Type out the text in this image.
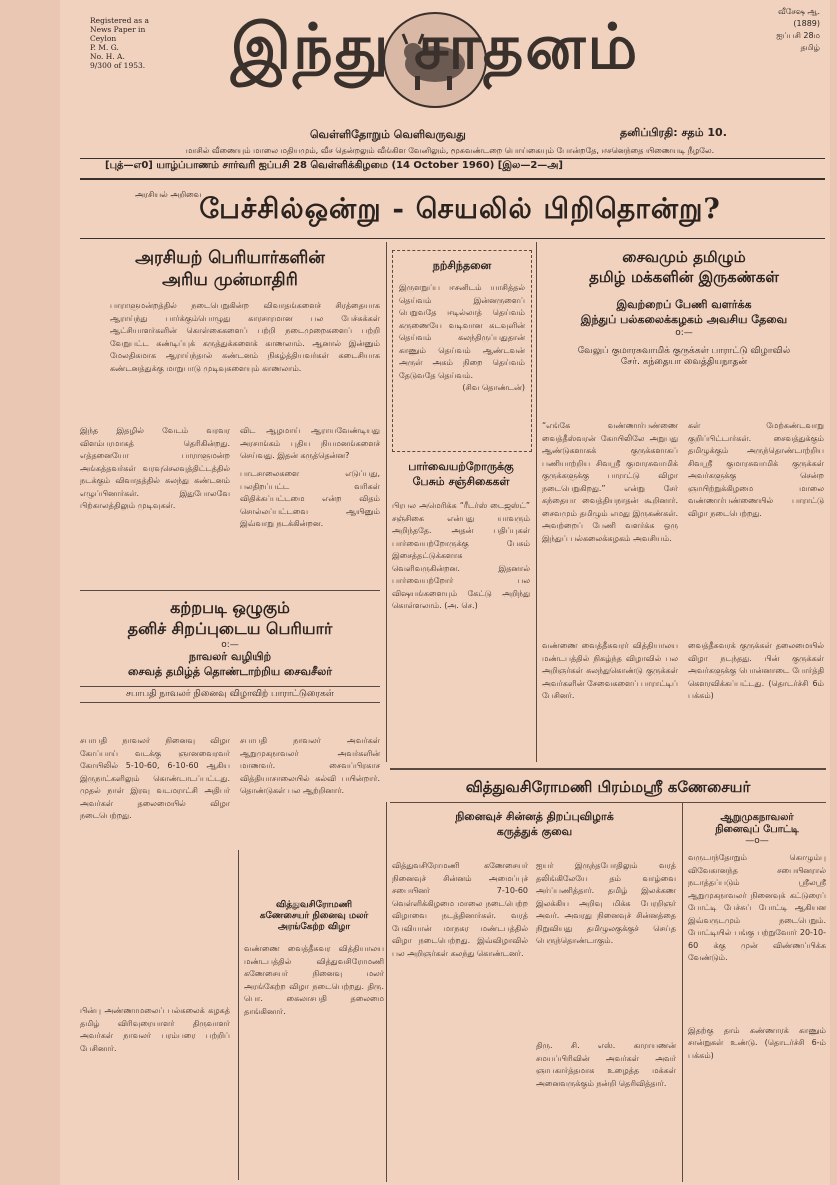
Registered as a
News Paper in
Ceylon
P. M. G.
No. H. A.
9/300 of 1953.	இந்து சாதனம்	வீசேஷ ஆ.
(1889)
ஐப்பசி 28ம
தமிழ்
வெள்ளிதோறும் வெளிவருவது	தனிப்பிரதி: சதம் 10.
மாசில் வீணையும் மாலை மதியமும், வீச தென்றலும் வீங்கிள வேனிலும், மூசுவண்டறை பொய்கையும் போன்றதே, ஈசனெந்தை யிணையடி நீழலே.
[புத்—எ0] யாழ்ப்பாணம் சார்வரி ஐப்பசி 28 வெள்ளிக்கிழமை (14 October 1960) [இல—2—அ]
அரசியல் அறிவை
பேச்சில்ஒன்று - செயலில் பிறிதொன்று?
அரசியற் பெரியார்களின்
அரிய முன்மாதிரி
பாராளுமன்றத்தில் நடைபெறுகின்ற விவாதங்களைச் சிரத்தையாக ஆராய்ந்து பார்க்கும்பொழுது காரசாரமான பல பேச்சுக்கள் ஆட்சியாளர்களின் கொள்கைகளைப் பற்றி நடைமுறைகளைப் பற்றி வேறுபட்ட கண்டிப்புக் கருத்துக்களைக் காணலாம். ஆனால் இன்னும் மேலதிகமாக ஆராய்ந்தால் கண்டனம் நிகழ்த்தியவர்கள் கடைசியாக கண்டனத்துக்கு மாறுபாடு முடிவுகளையும் காணலாம்.
இந்த இதழில் வேடம் வரவர விளம்பரமாகத் தெரிகின்றது. எத்தனையோ பாராளுமன்ற அங்கத்தவர்கள் வரவுசெலவுத்திட்டத்தில் நடக்கும் விவாதத்தில் கலந்து கண்டனம் எழுப்பினார்கள். இதுபோலவே பிற்காலத்திலும் முடிவுகள்.
விட ஆழமாய் ஆராயவேண்டியது அரசாங்கம் புதிய நியமனங்களைச் செய்வது. இதன் கருத்தென்ன?
பாடசாலைகளை எடுப்பது, பலதிறப்பட்ட வரிகள் விதிக்கப்பட்டமை என்ற விதம் சொல்லப்பட்டவை ஆயினும் இவ்வாறு நடக்கின்றன.
கற்றபடி ஒழுகும்
தனிச் சிறப்புடைய பெரியார்
o:—
நாவலர் வழியிற்
சைவத் தமிழ்த் தொண்டாற்றிய சைவசீலர்
சபாபதி நாவலர் நினைவு விழாவிற் பாராட்டுரைகள்
சபாபதி நாவலர் நினைவு விழா கோப்பாய் வடக்கு ஞானவைரவர் கோயிலில் 5-10-60, 6-10-60 ஆகிய இருநாட்களிலும் கொண்டாடப்பட்டது. முதல் நாள் இரவு வடமராட்சி அதிபர் அவர்கள் தலைமையில் விழா நடைபெற்றது.
சபாபதி நாவலர் அவர்கள் ஆறுமுகநாவலர் அவர்களின் மாணவர். சைவப்பிரகாச வித்தியாசாலையில் கல்வி பயின்றார். தொண்டுகள் பல ஆற்றினார்.
பின்பு அண்ணாமலைப் பல்கலைக் கழகத் தமிழ் விரிவுரையாளர் திருவாளர் அவர்கள் நாவலர் பரம்பரை பற்றிப் பேசினார்.
நற்சிந்தனை
இருளறுப்ப ஈசனிடம் யாசித்தல் தெய்வம் இன்னருளைப் பெறுவதே ஈடில்லாத் தெய்வம் கருணையே வடிவான கடவுளின் தெய்வம் கலந்திருப்பதுதான் காணும் தெய்வம் ஆண்டவன் அருள் அகம் நிறை தெய்வம் தேடுவதே தெய்வம்.
(சிவ தொண்டன்)
பார்வையற்றோருக்கு
பேசும் சஞ்சிகைகள்
பிரபல அமெரிக்க “ரீடர்ஸ் டைஜஸ்ட்” சஞ்சிகை என்பது யாவரும் அறிந்ததே. அதன் பதிப்புகள் பார்வையற்றோருக்கு பேசும் இசைத்தட்டுக்களாக வெளிவருகின்றன. இதனால் பார்வையற்றோர் பல விஷயங்களையும் கேட்டு அறிந்து கொள்ளலாம். (அ. செ.)
சைவமும் தமிழும்
தமிழ் மக்களின் இருகண்கள்
இவற்றைப் பேணி வளர்க்க
இந்துப் பல்கலைக்கழகம் அவசிய தேவை
o:—
வேலுப் குமாரசுவாமிக் குருக்கள் பாராட்டு விழாவில்
சேர். கந்தையா வைத்தியநாதன்
“எங்கே வண்ணார்பண்ணை வைத்தீஸ்வரன் கோயிலிலே அறுபது ஆண்டுகளாகக் குருக்களாகப் பணியாற்றிய சிவஸ்ரீ குமாரசுவாமிக் குருக்களுக்கு பாராட்டு விழா நடைபெறுகிறது.” என்று சேர் கந்தையா வைத்தியநாதன் கூறினார். சைவமும் தமிழும் எமது இருகண்கள். அவற்றைப் பேணி வளர்க்க ஒரு இந்துப் பல்கலைக்கழகம் அவசியம்.
கள் மேற்கண்டவாறு குறிப்பிட்டார்கள். சைவத்துக்கும் தமிழுக்கும் அருந்தொண்டாற்றிய சிவஸ்ரீ குமாரசுவாமிக் குருக்கள் அவர்களுக்கு சென்ற ஞாயிற்றுக்கிழமை மாலை வண்ணார்பண்ணையில் பாராட்டு விழா நடைபெற்றது.
வண்ணை வைத்தீசுவரர் வித்தியாலய மண்டபத்தில் நிகழ்ந்த விழாவில் பல அறிஞர்கள் கலந்துகொண்டு குருக்கள் அவர்களின் சேவைகளைப் பாராட்டிப் பேசினர்.
வைத்தீசுவரக் குருக்கள் தலைமையில் விழா நடந்தது. பின் குருக்கள் அவர்களுக்கு பொன்னாடை போர்த்தி கௌரவிக்கப்பட்டது. (தொடர்ச்சி 6ம் பக்கம்)
வித்துவசிரோமணி பிரம்மஸ்ரீ கணேசையர்
நினைவுச் சின்னத் திறப்புவிழாக்
கருத்துக் குவை
வித்துவசிரோமணி
கணேசையர் நினைவு மலர்
அரங்கேற்ற விழா
வண்ணை வைத்தீசுவர வித்தியாலய மண்டபத்தில் வித்துவசிரோமணி கணேசையர் நினைவு மலர் அரங்கேற்ற விழா நடைபெற்றது. திரு. பொ. கைலாசபதி தலைமை தாங்கினார்.
வித்துவசிரோமணி கணேசையர் நினைவுச் சின்னம் அமைப்புச் சபையினர் 7-10-60 வெள்ளிக்கிழமை மாலை நடைபெற்ற விழாவை நடத்தினார்கள். வரத் பேவியான் மாநகர மண்டபத்தில் விழா நடைபெற்றது. இவ்விழாவில் பல அறிஞர்கள் கலந்து கொண்டனர்.
ஐயர் இருந்தபோதிலும் வரத் தலிங்கிலேயே தம் வாழ்வை அர்ப்பணித்தார். தமிழ் இலக்கண இலக்கிய அறிவு மிக்க பேரறிஞர் அவர். அவரது நினைவுச் சின்னத்தை நிறுவியது தமிழுலகுக்குச் செய்த பெருந்தொண்டாகும்.
திரு. சி. எஸ். காராயணன் சமயப்பிரிவின் அவர்கள் அவர் ஞாபகார்த்தமாக உழைத்த மக்கள் அனைவருக்கும் நன்றி தெரிவித்தார்.
ஆறுமுகநாவலர்
நினைவுப் போட்டி
—o—
வருடாந்தோறும் கொழும்பு விவேகானந்த சபையினரால் நடாத்தப்படும் ஸ்ரீலஸ்ரீ ஆறுமுகநாவலர் நினைவுக் கட்டுரைப் போட்டி பேச்சுப் போட்டி ஆகியன இவ்வருடமும் நடைபெறும். போட்டியில் பங்கு பற்றுவோர் 20-10-60 க்கு முன் விண்ணப்பிக்க வேண்டும்.
இதற்கு தாம் கண்ணாரக் காணும் சான்றுகள் உண்டு. (தொடர்ச்சி 6-ம் பக்கம்)
